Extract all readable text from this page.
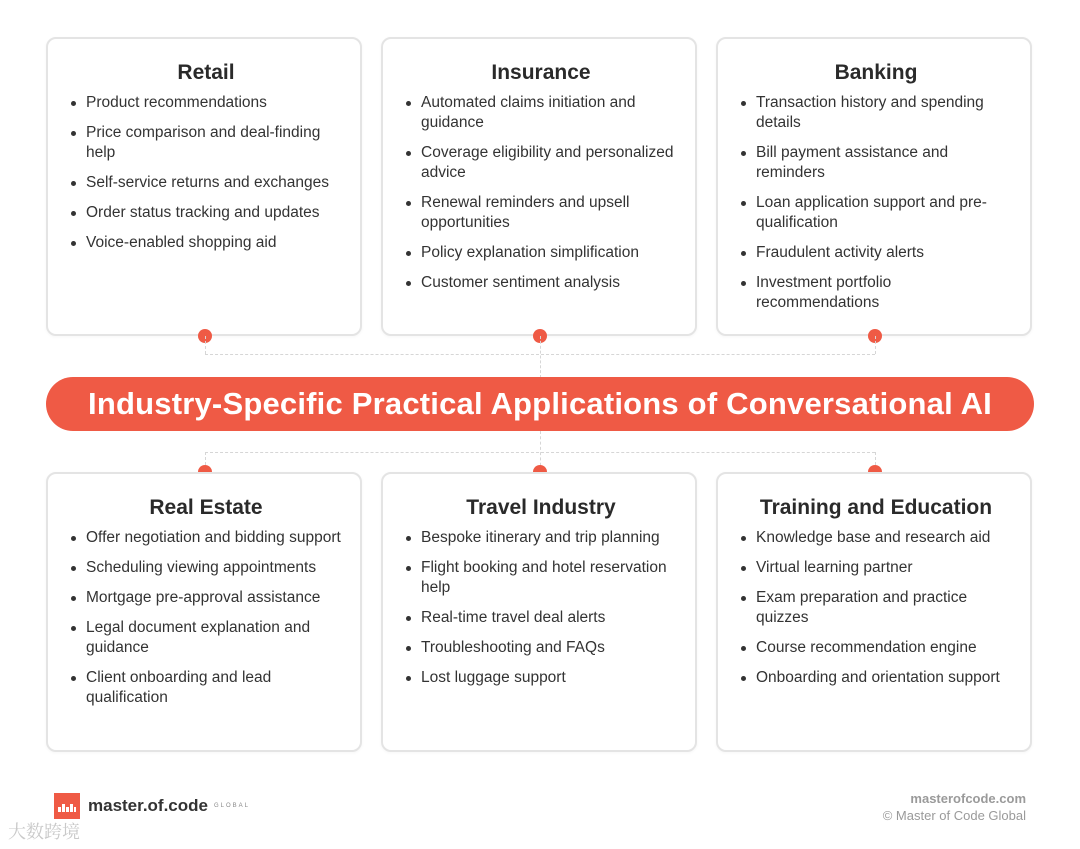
Retail
Product recommendations
Price comparison and deal-finding help
Self-service returns and exchanges
Order status tracking and updates
Voice-enabled shopping aid
Insurance
Automated claims initiation and guidance
Coverage eligibility and personalized advice
Renewal reminders and upsell opportunities
Policy explanation simplification
Customer sentiment analysis
Banking
Transaction history and spending details
Bill payment assistance and reminders
Loan application support and pre-qualification
Fraudulent activity alerts
Investment portfolio recommendations
Industry-Specific Practical Applications of Conversational AI
Real Estate
Offer negotiation and bidding support
Scheduling viewing appointments
Mortgage pre-approval assistance
Legal document explanation and guidance
Client onboarding and lead qualification
Travel Industry
Bespoke itinerary and trip planning
Flight booking and hotel reservation help
Real-time travel deal alerts
Troubleshooting and FAQs
Lost luggage support
Training and Education
Knowledge base and research aid
Virtual learning partner
Exam preparation and practice quizzes
Course recommendation engine
Onboarding and orientation support
master.of.code GLOBAL	masterofcode.com
© Master of Code Global
大数跨境
